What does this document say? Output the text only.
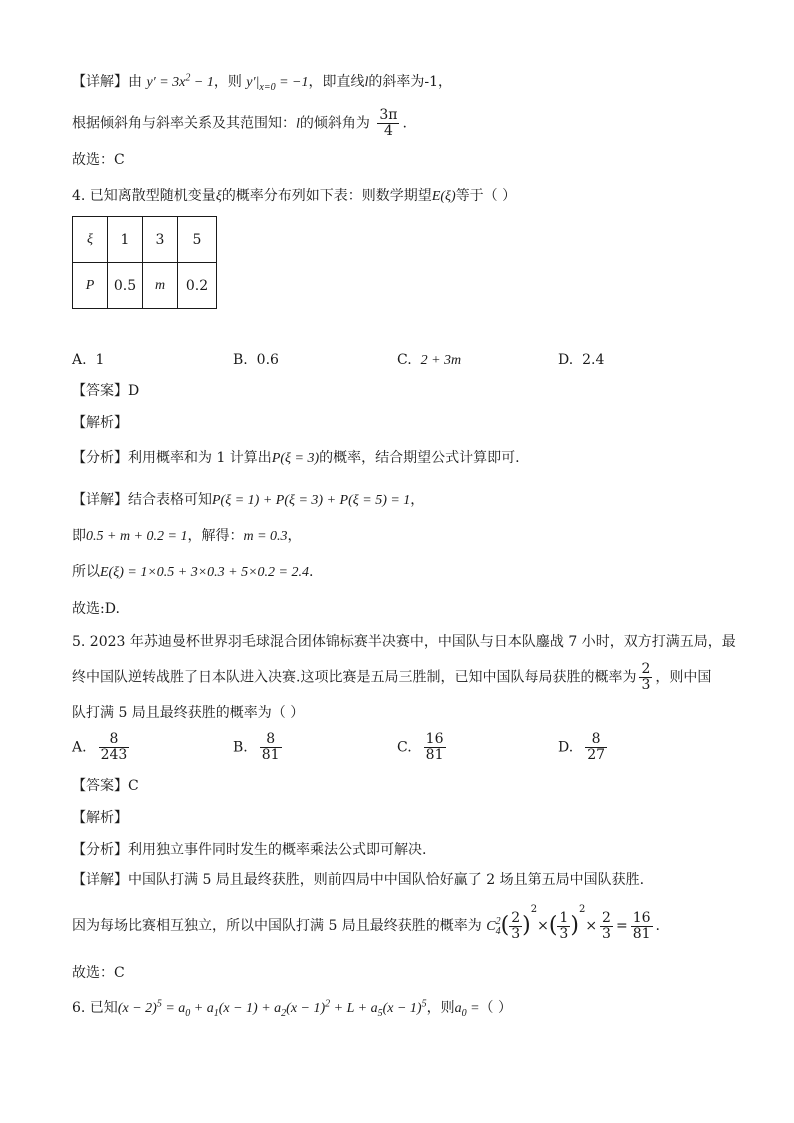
【详解】由 $y' = 3x^2 - 1$，则 $y'|_{x=0} = -1$，即直线l的斜率为-1，
根据倾斜角与斜率关系及其范围知：l的倾斜角为 $\frac{3\pi}{4}$ .
故选：C
4. 已知离散型随机变量ξ的概率分布列如下表：则数学期望E(ξ)等于（ ）
ξ	1	3	5
P	0.5	m	0.2
A. 1	B. 0.6	C. 2 + 3m	D. 2.4
【答案】D
【解析】
【分析】利用概率和为 1 计算出P(ξ = 3)的概率，结合期望公式计算即可.
【详解】结合表格可知P(ξ = 1) + P(ξ = 3) + P(ξ = 5) = 1，
即0.5 + m + 0.2 = 1，解得：m = 0.3，
所以E(ξ) = 1×0.5 + 3×0.3 + 5×0.2 = 2.4.
故选:D.
5. 2023 年苏迪曼杯世界羽毛球混合团体锦标赛半决赛中，中国队与日本队鏖战 7 小时，双方打满五局，最
终中国队逆转战胜了日本队进入决赛.这项比赛是五局三胜制，已知中国队每局获胜的概率为 $\frac{2}{3}$ ，则中国
队打满 5 局且最终获胜的概率为（ ）
A. $\frac{8}{243}$	B. $\frac{8}{81}$	C. $\frac{16}{81}$	D. $\frac{8}{27}$
【答案】C
【解析】
【分析】利用独立事件同时发生的概率乘法公式即可解决.
【详解】中国队打满 5 局且最终获胜，则前四局中中国队恰好赢了 2 场且第五局中国队获胜.
因为每场比赛相互独立，所以中国队打满 5 局且最终获胜的概率为 C 2
4 ( $\frac{2}{3} )^2\times( \frac{1}{3} )^2\times \frac{2}{3} = \frac{16}{81}$ .
故选：C
6. 已知$(x - 2)^5 = a_0 + a_1(x - 1) + a_2(x - 1)^2 + L + a_5(x - 1)^5$，则$a_0$ =（ ）
